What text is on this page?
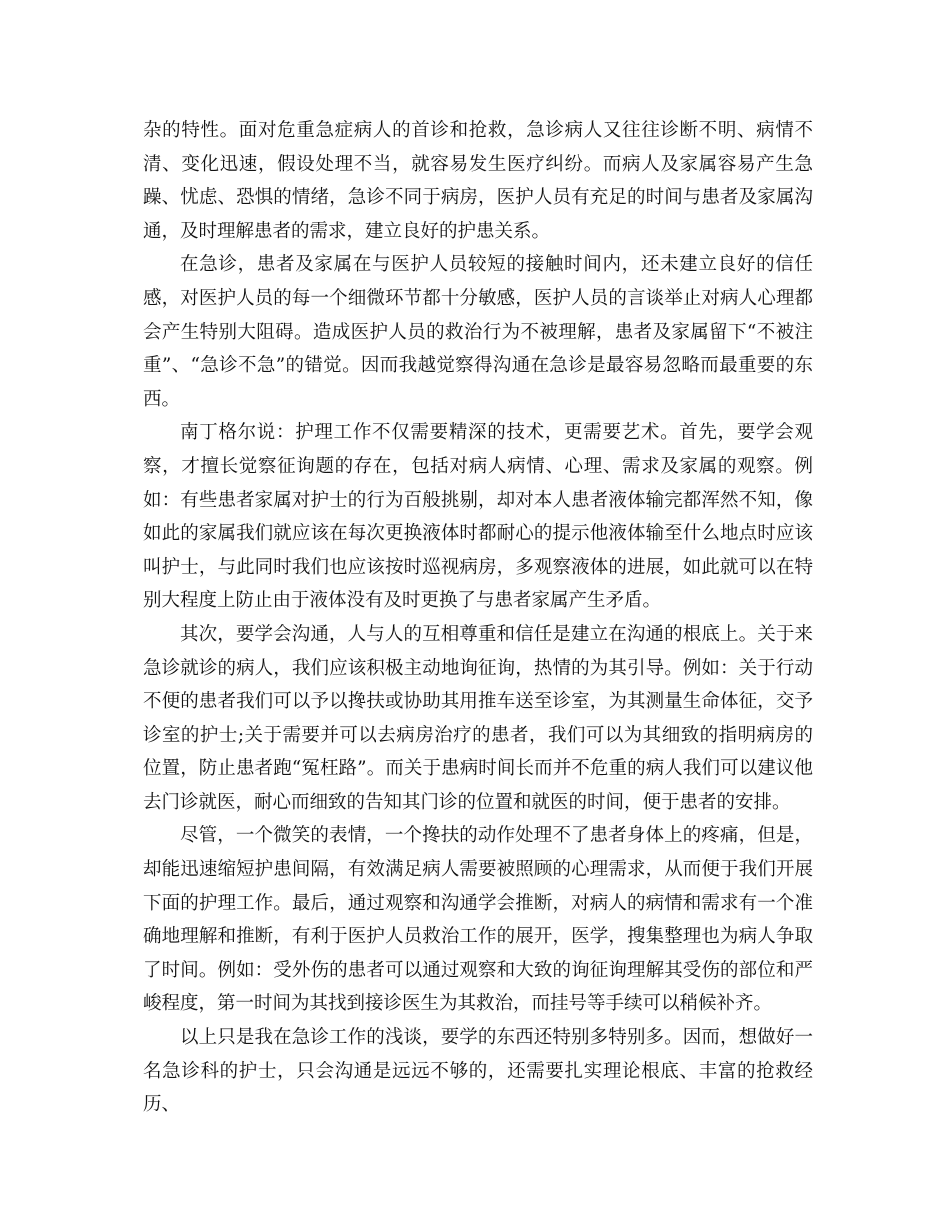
杂的特性。面对危重急症病人的首诊和抢救，急诊病人又往往诊断不明、病情不清、变化迅速，假设处理不当，就容易发生医疗纠纷。而病人及家属容易产生急躁、忧虑、恐惧的情绪，急诊不同于病房，医护人员有充足的时间与患者及家属沟通，及时理解患者的需求，建立良好的护患关系。

在急诊，患者及家属在与医护人员较短的接触时间内，还未建立良好的信任感，对医护人员的每一个细微环节都十分敏感，医护人员的言谈举止对病人心理都会产生特别大阻碍。造成医护人员的救治行为不被理解，患者及家属留下“不被注重”、“急诊不急”的错觉。因而我越觉察得沟通在急诊是最容易忽略而最重要的东西。

南丁格尔说：护理工作不仅需要精深的技术，更需要艺术。首先，要学会观察，才擅长觉察征询题的存在，包括对病人病情、心理、需求及家属的观察。例如：有些患者家属对护士的行为百般挑剔，却对本人患者液体输完都浑然不知，像如此的家属我们就应该在每次更换液体时都耐心的提示他液体输至什么地点时应该叫护士，与此同时我们也应该按时巡视病房，多观察液体的进展，如此就可以在特别大程度上防止由于液体没有及时更换了与患者家属产生矛盾。

其次，要学会沟通，人与人的互相尊重和信任是建立在沟通的根底上。关于来急诊就诊的病人，我们应该积极主动地询征询，热情的为其引导。例如：关于行动不便的患者我们可以予以搀扶或协助其用推车送至诊室，为其测量生命体征，交予诊室的护士;关于需要并可以去病房治疗的患者，我们可以为其细致的指明病房的位置，防止患者跑“冤枉路”。而关于患病时间长而并不危重的病人我们可以建议他去门诊就医，耐心而细致的告知其门诊的位置和就医的时间，便于患者的安排。

尽管，一个微笑的表情，一个搀扶的动作处理不了患者身体上的疼痛，但是，却能迅速缩短护患间隔，有效满足病人需要被照顾的心理需求，从而便于我们开展下面的护理工作。最后，通过观察和沟通学会推断，对病人的病情和需求有一个准确地理解和推断，有利于医护人员救治工作的展开，医学，搜集整理也为病人争取了时间。例如：受外伤的患者可以通过观察和大致的询征询理解其受伤的部位和严峻程度，第一时间为其找到接诊医生为其救治，而挂号等手续可以稍候补齐。

以上只是我在急诊工作的浅谈，要学的东西还特别多特别多。因而，想做好一名急诊科的护士，只会沟通是远远不够的，还需要扎实理论根底、丰富的抢救经历、
